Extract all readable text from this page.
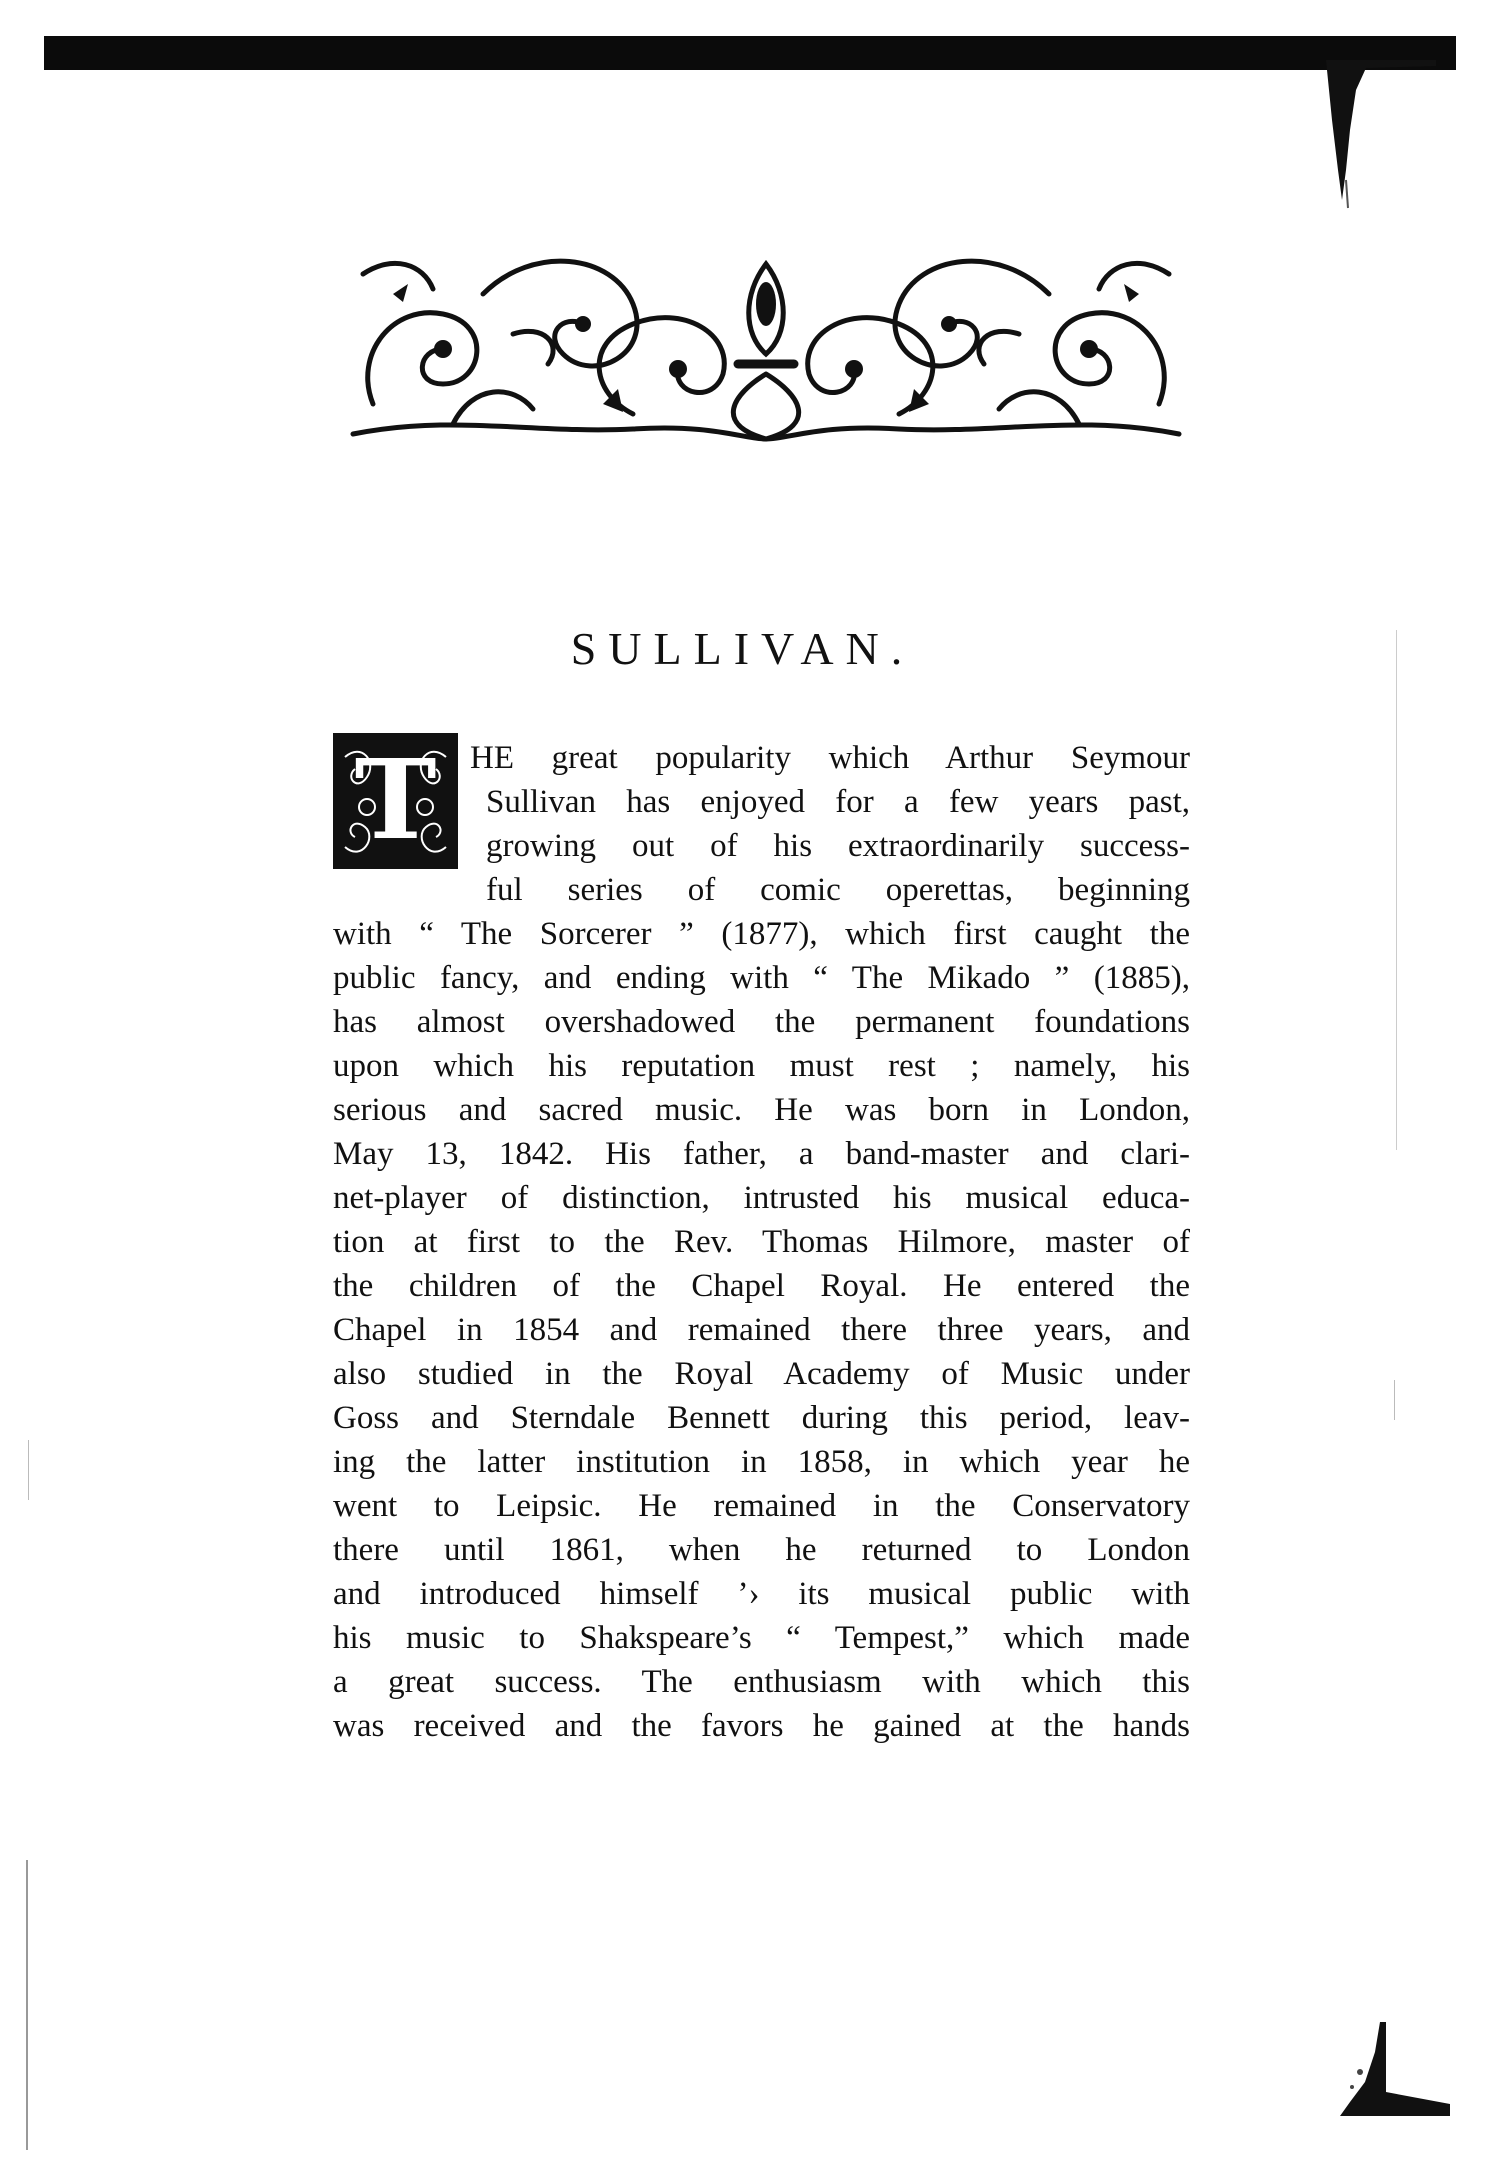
SULLIVAN.
T	HE great popularity which Arthur Seymour
Sullivan has enjoyed for a few years past,
growing out of his extraordinarily success-
ful series of comic operettas, beginning
with “ The Sorcerer ” (1877), which first caught the
public fancy, and ending with “ The Mikado ” (1885),
has almost overshadowed the permanent foundations
upon which his reputation must rest ; namely, his
serious and sacred music. He was born in London,
May 13, 1842. His father, a band-master and clari-
net-player of distinction, intrusted his musical educa-
tion at first to the Rev. Thomas Hilmore, master of
the children of the Chapel Royal. He entered the
Chapel in 1854 and remained there three years, and
also studied in the Royal Academy of Music under
Goss and Sterndale Bennett during this period, leav-
ing the latter institution in 1858, in which year he
went to Leipsic. He remained in the Conservatory
there until 1861, when he returned to London
and introduced himself ’› its musical public with
his music to Shakspeare’s “ Tempest,” which made
a great success. The enthusiasm with which this
was received and the favors he gained at the hands
